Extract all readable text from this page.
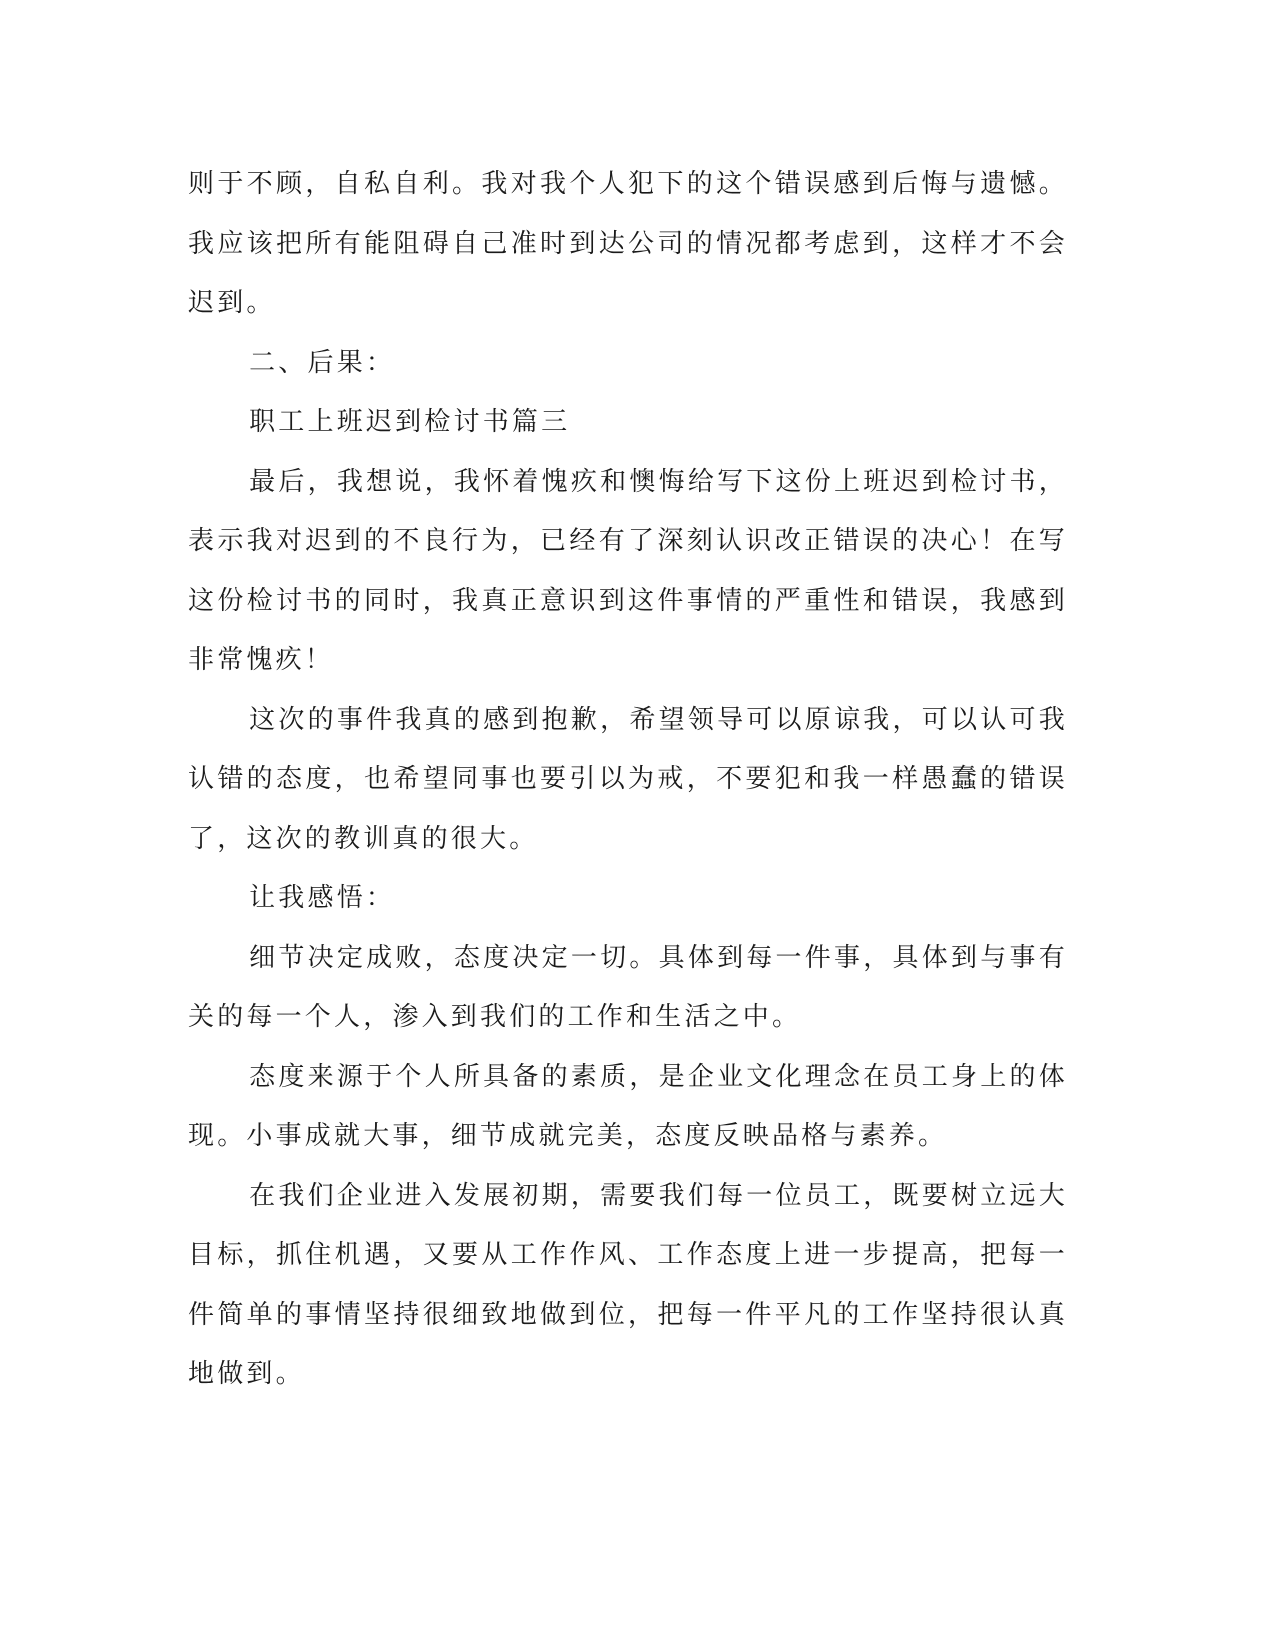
则于不顾，自私自利。我对我个人犯下的这个错误感到后悔与遗憾。我应该把所有能阻碍自己准时到达公司的情况都考虑到，这样才不会迟到。

二、后果：

职工上班迟到检讨书篇三

最后，我想说，我怀着愧疚和懊悔给写下这份上班迟到检讨书，表示我对迟到的不良行为，已经有了深刻认识改正错误的决心！在写这份检讨书的同时，我真正意识到这件事情的严重性和错误，我感到非常愧疚！

这次的事件我真的感到抱歉，希望领导可以原谅我，可以认可我认错的态度，也希望同事也要引以为戒，不要犯和我一样愚蠢的错误了，这次的教训真的很大。

让我感悟：

细节决定成败，态度决定一切。具体到每一件事，具体到与事有关的每一个人，渗入到我们的工作和生活之中。

态度来源于个人所具备的素质，是企业文化理念在员工身上的体现。小事成就大事，细节成就完美，态度反映品格与素养。

在我们企业进入发展初期，需要我们每一位员工，既要树立远大目标，抓住机遇，又要从工作作风、工作态度上进一步提高，把每一件简单的事情坚持很细致地做到位，把每一件平凡的工作坚持很认真地做到。
